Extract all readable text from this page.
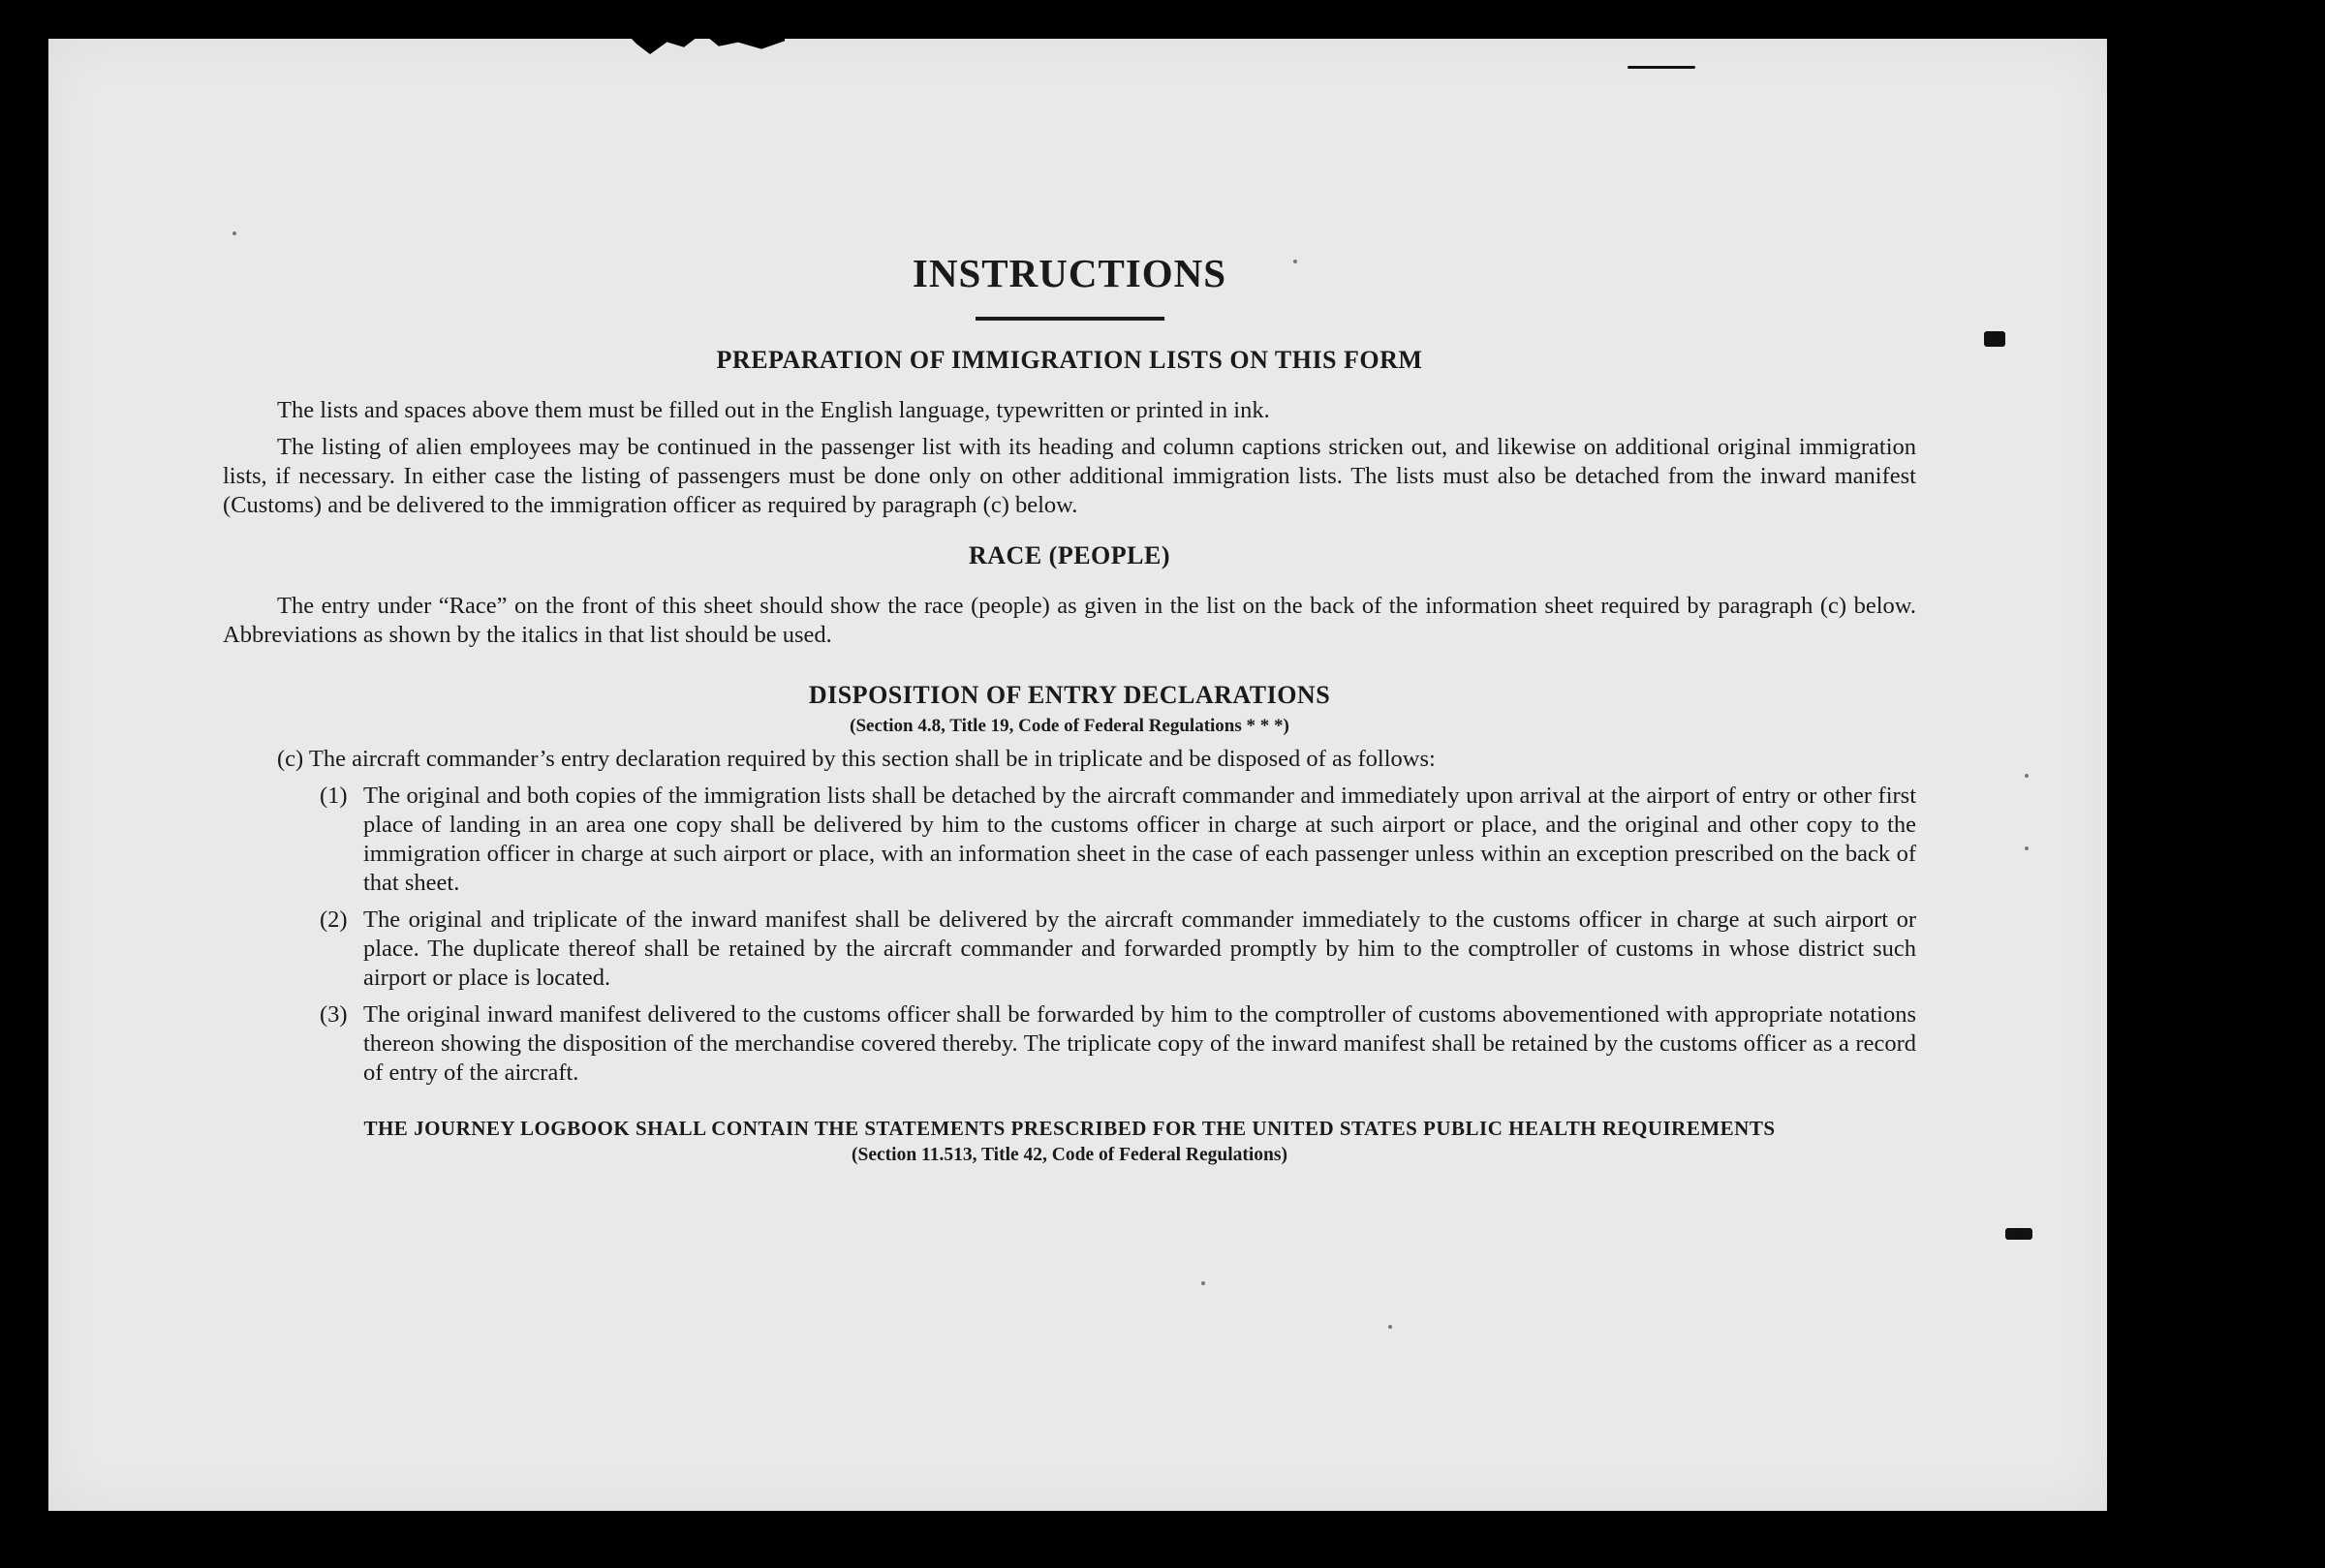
INSTRUCTIONS
PREPARATION OF IMMIGRATION LISTS ON THIS FORM

The lists and spaces above them must be filled out in the English language, typewritten or printed in ink.

The listing of alien employees may be continued in the passenger list with its heading and column captions stricken out, and likewise on additional original immigration lists, if necessary. In either case the listing of passengers must be done only on other additional immigration lists. The lists must also be detached from the inward manifest (Customs) and be delivered to the immigration officer as required by paragraph (c) below.

RACE (PEOPLE)

The entry under “Race” on the front of this sheet should show the race (people) as given in the list on the back of the information sheet required by paragraph (c) below. Abbreviations as shown by the italics in that list should be used.

DISPOSITION OF ENTRY DECLARATIONS
(Section 4.8, Title 19, Code of Federal Regulations * * *)

(c) The aircraft commander’s entry declaration required by this section shall be in triplicate and be disposed of as follows:

(1) The original and both copies of the immigration lists shall be detached by the aircraft commander and immediately upon arrival at the airport of entry or other first place of landing in an area one copy shall be delivered by him to the customs officer in charge at such airport or place, and the original and other copy to the immigration officer in charge at such airport or place, with an information sheet in the case of each passenger unless within an exception prescribed on the back of that sheet.
(2) The original and triplicate of the inward manifest shall be delivered by the aircraft commander immediately to the customs officer in charge at such airport or place. The duplicate thereof shall be retained by the aircraft commander and forwarded promptly by him to the comptroller of customs in whose district such airport or place is located.
(3) The original inward manifest delivered to the customs officer shall be forwarded by him to the comptroller of customs abovementioned with appropriate notations thereon showing the disposition of the merchandise covered thereby. The triplicate copy of the inward manifest shall be retained by the customs officer as a record of entry of the aircraft.
THE JOURNEY LOGBOOK SHALL CONTAIN THE STATEMENTS PRESCRIBED FOR THE UNITED STATES PUBLIC HEALTH REQUIREMENTS
(Section 11.513, Title 42, Code of Federal Regulations)
